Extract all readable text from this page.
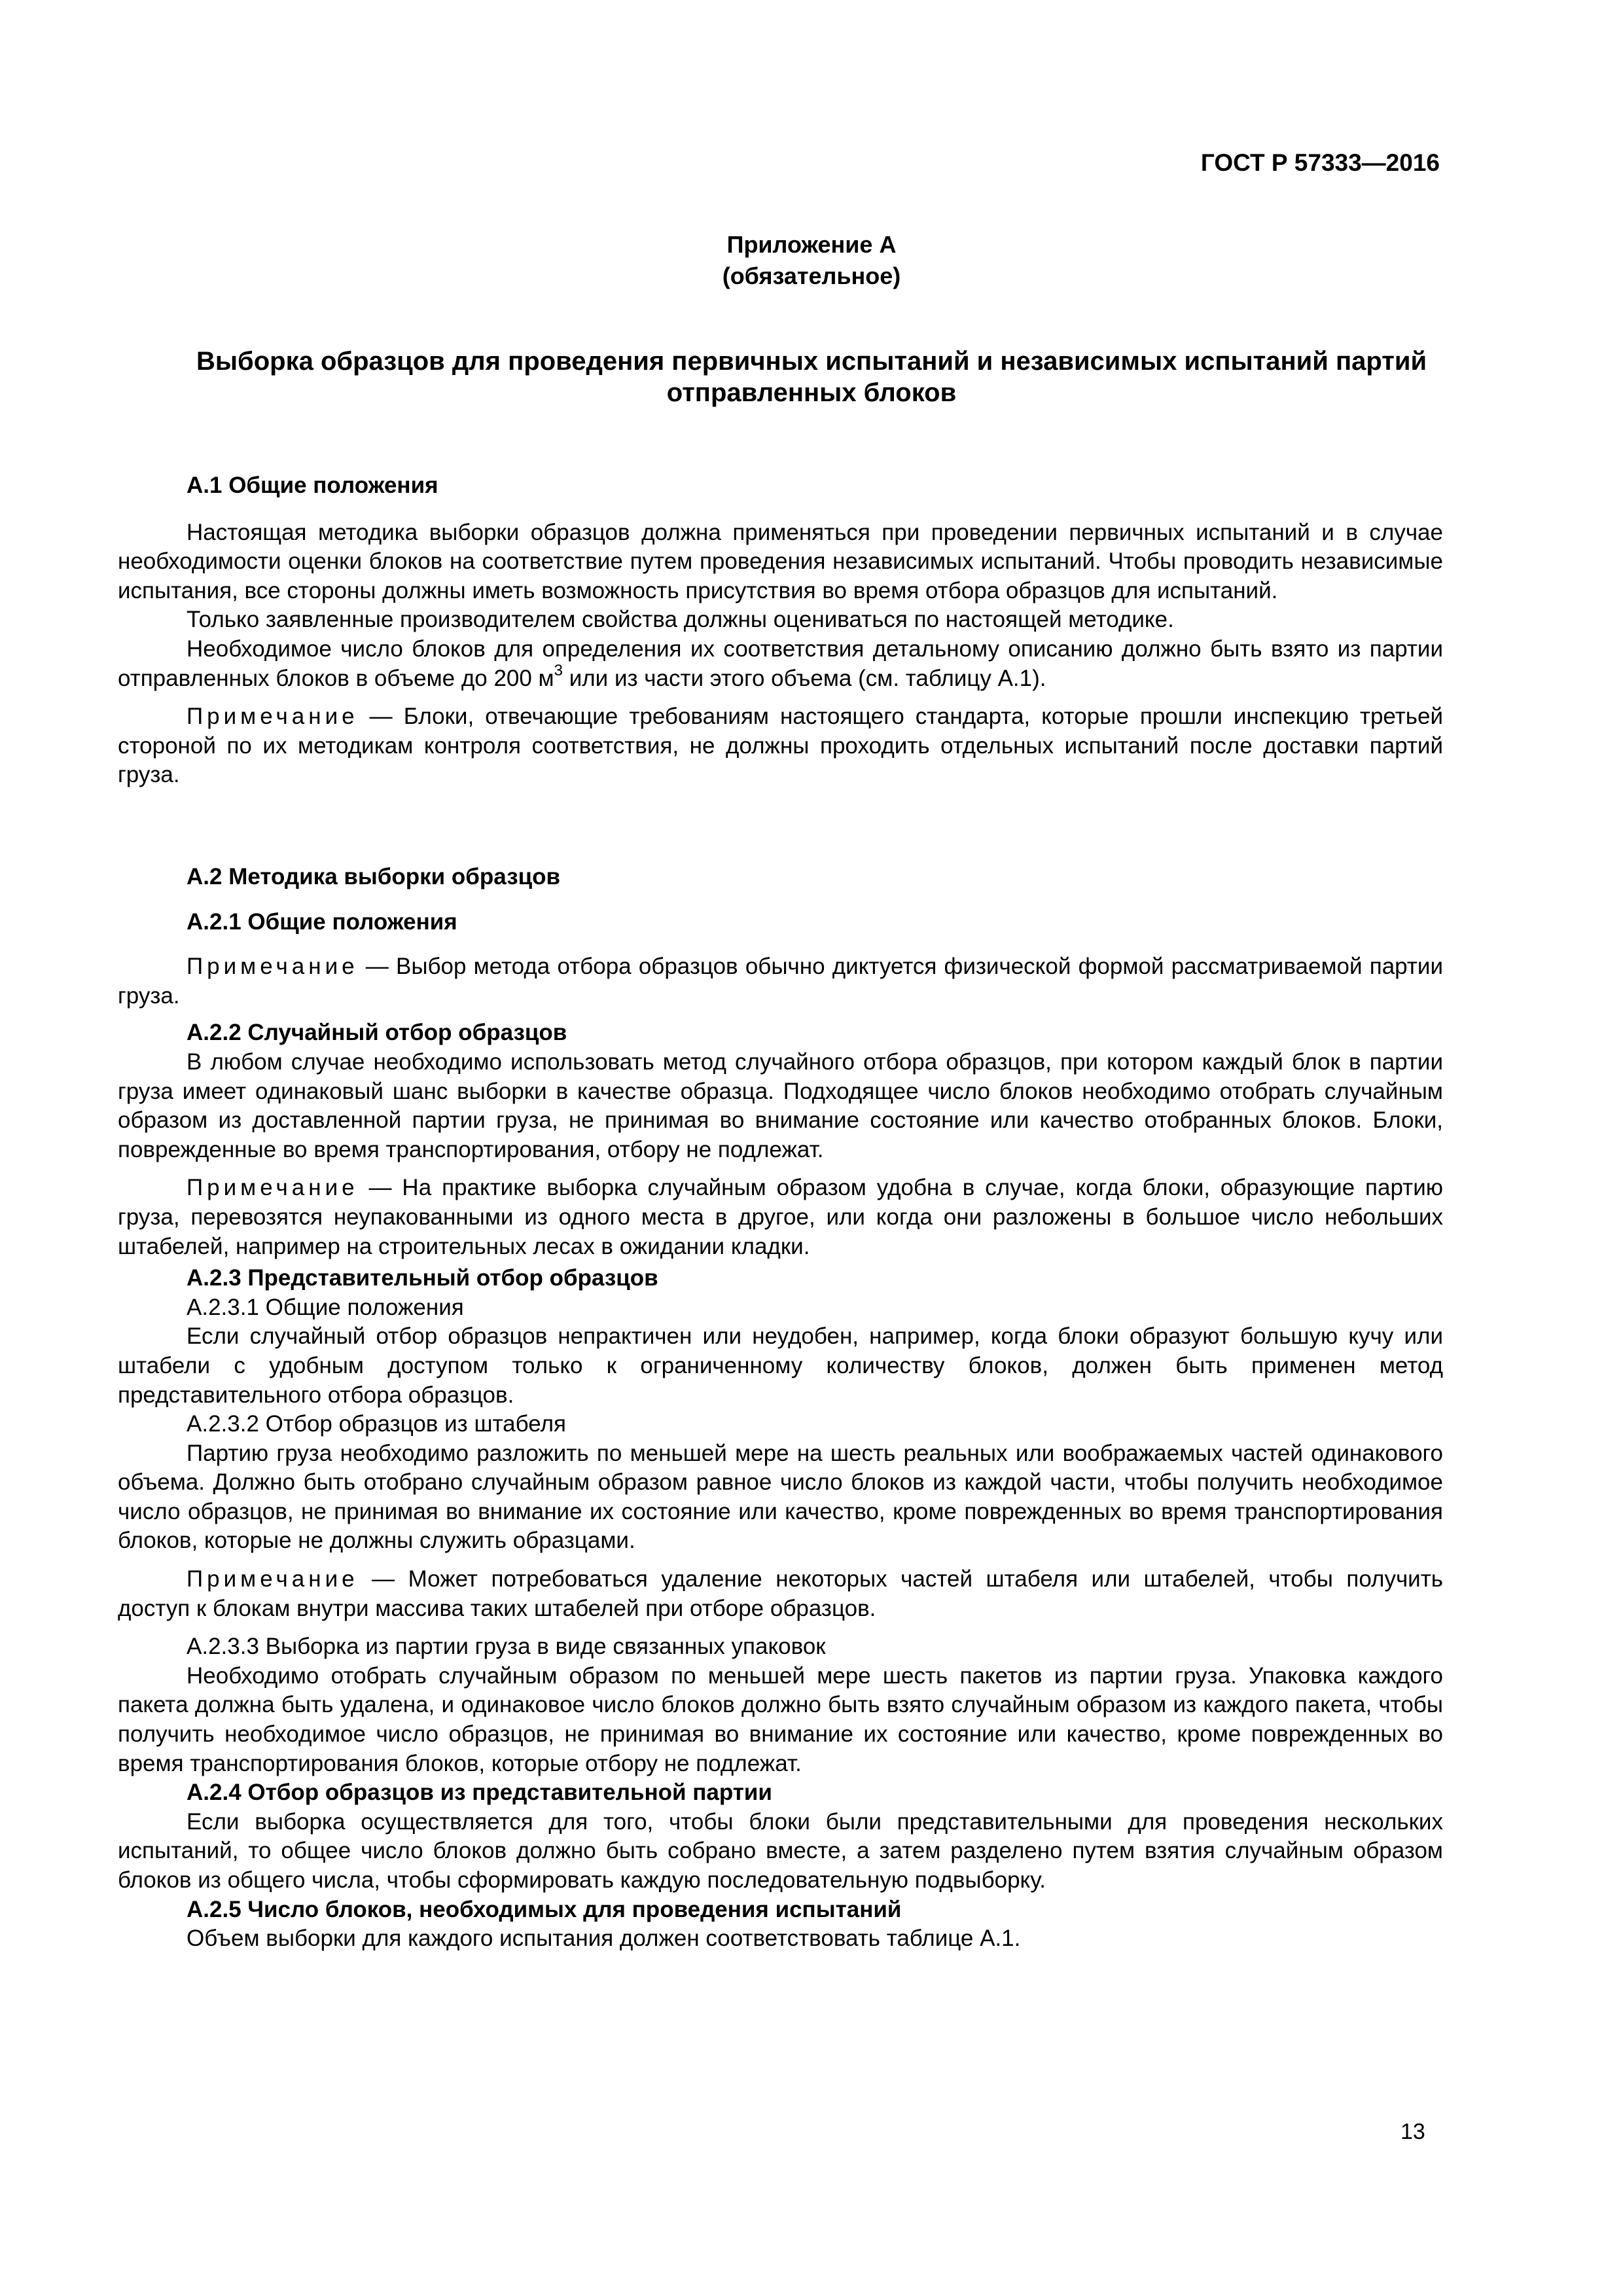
ГОСТ Р 57333—2016
Приложение А
(обязательное)
Выборка образцов для проведения первичных испытаний и независимых испытаний партий
отправленных блоков

А.1 Общие положения

Настоящая методика выборки образцов должна применяться при проведении первичных испытаний и в случае необходимости оценки блоков на соответствие путем проведения независимых испытаний. Чтобы проводить независимые испытания, все стороны должны иметь возможность присутствия во время отбора образцов для испытаний.

Только заявленные производителем свойства должны оцениваться по настоящей методике.

Необходимое число блоков для определения их соответствия детальному описанию должно быть взято из партии отправленных блоков в объеме до 200 $м^3$ или из части этого объема (см. таблицу А.1).

Примечание — Блоки, отвечающие требованиям настоящего стандарта, которые прошли инспекцию третьей стороной по их методикам контроля соответствия, не должны проходить отдельных испытаний после доставки партий груза.

А.2 Методика выборки образцов

А.2.1 Общие положения

Примечание — Выбор метода отбора образцов обычно диктуется физической формой рассматриваемой партии груза.

А.2.2 Случайный отбор образцов

В любом случае необходимо использовать метод случайного отбора образцов, при котором каждый блок в партии груза имеет одинаковый шанс выборки в качестве образца. Подходящее число блоков необходимо отобрать случайным образом из доставленной партии груза, не принимая во внимание состояние или качество отобранных блоков. Блоки, поврежденные во время транспортирования, отбору не подлежат.

Примечание — На практике выборка случайным образом удобна в случае, когда блоки, образующие партию груза, перевозятся неупакованными из одного места в другое, или когда они разложены в большое число небольших штабелей, например на строительных лесах в ожидании кладки.

А.2.3 Представительный отбор образцов

А.2.3.1 Общие положения

Если случайный отбор образцов непрактичен или неудобен, например, когда блоки образуют большую кучу или штабели с удобным доступом только к ограниченному количеству блоков, должен быть применен метод представительного отбора образцов.

А.2.3.2 Отбор образцов из штабеля

Партию груза необходимо разложить по меньшей мере на шесть реальных или воображаемых частей одинакового объема. Должно быть отобрано случайным образом равное число блоков из каждой части, чтобы получить необходимое число образцов, не принимая во внимание их состояние или качество, кроме поврежденных во время транспортирования блоков, которые не должны служить образцами.

Примечание — Может потребоваться удаление некоторых частей штабеля или штабелей, чтобы получить доступ к блокам внутри массива таких штабелей при отборе образцов.

А.2.3.3 Выборка из партии груза в виде связанных упаковок

Необходимо отобрать случайным образом по меньшей мере шесть пакетов из партии груза. Упаковка каждого пакета должна быть удалена, и одинаковое число блоков должно быть взято случайным образом из каждого пакета, чтобы получить необходимое число образцов, не принимая во внимание их состояние или качество, кроме поврежденных во время транспортирования блоков, которые отбору не подлежат.

А.2.4 Отбор образцов из представительной партии

Если выборка осуществляется для того, чтобы блоки были представительными для проведения нескольких испытаний, то общее число блоков должно быть собрано вместе, а затем разделено путем взятия случайным образом блоков из общего числа, чтобы сформировать каждую последовательную подвыборку.

А.2.5 Число блоков, необходимых для проведения испытаний

Объем выборки для каждого испытания должен соответствовать таблице А.1.

13
